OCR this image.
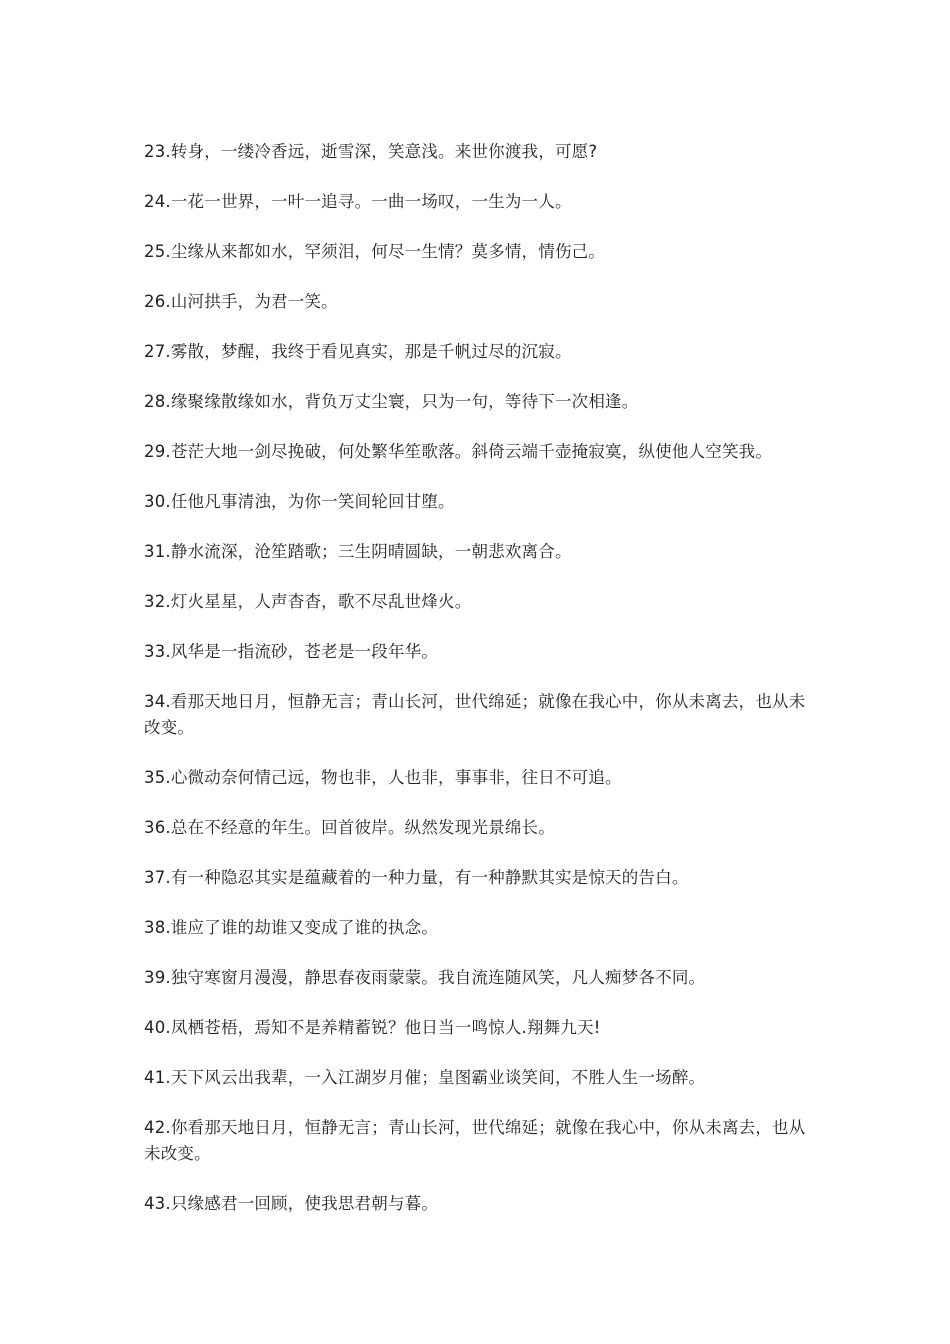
23.转身，一缕冷香远，逝雪深，笑意浅。来世你渡我，可愿?
24.一花一世界，一叶一追寻。一曲一场叹，一生为一人。
25.尘缘从来都如水，罕须泪，何尽一生情？莫多情，情伤己。
26.山河拱手，为君一笑。
27.雾散，梦醒，我终于看见真实，那是千帆过尽的沉寂。
28.缘聚缘散缘如水，背负万丈尘寰，只为一句，等待下一次相逢。
29.苍茫大地一剑尽挽破，何处繁华笙歌落。斜倚云端千壶掩寂寞，纵使他人空笑我。
30.任他凡事清浊，为你一笑间轮回甘堕。
31.静水流深，沧笙踏歌；三生阴晴圆缺，一朝悲欢离合。
32.灯火星星，人声杳杳，歌不尽乱世烽火。
33.风华是一指流砂，苍老是一段年华。
34.看那天地日月，恒静无言；青山长河，世代绵延；就像在我心中，你从未离去，也从未改变。
35.心微动奈何情己远，物也非，人也非，事事非，往日不可追。
36.总在不经意的年生。回首彼岸。纵然发现光景绵长。
37.有一种隐忍其实是蕴藏着的一种力量，有一种静默其实是惊天的告白。
38.谁应了谁的劫谁又变成了谁的执念。
39.独守寒窗月漫漫，静思春夜雨蒙蒙。我自流连随风笑，凡人痴梦各不同。
40.凤栖苍梧，焉知不是养精蓄锐？他日当一鸣惊人.翔舞九天!
41.天下风云出我辈，一入江湖岁月催；皇图霸业谈笑间，不胜人生一场醉。
42.你看那天地日月，恒静无言；青山长河，世代绵延；就像在我心中，你从未离去，也从未改变。
43.只缘感君一回顾，使我思君朝与暮。
